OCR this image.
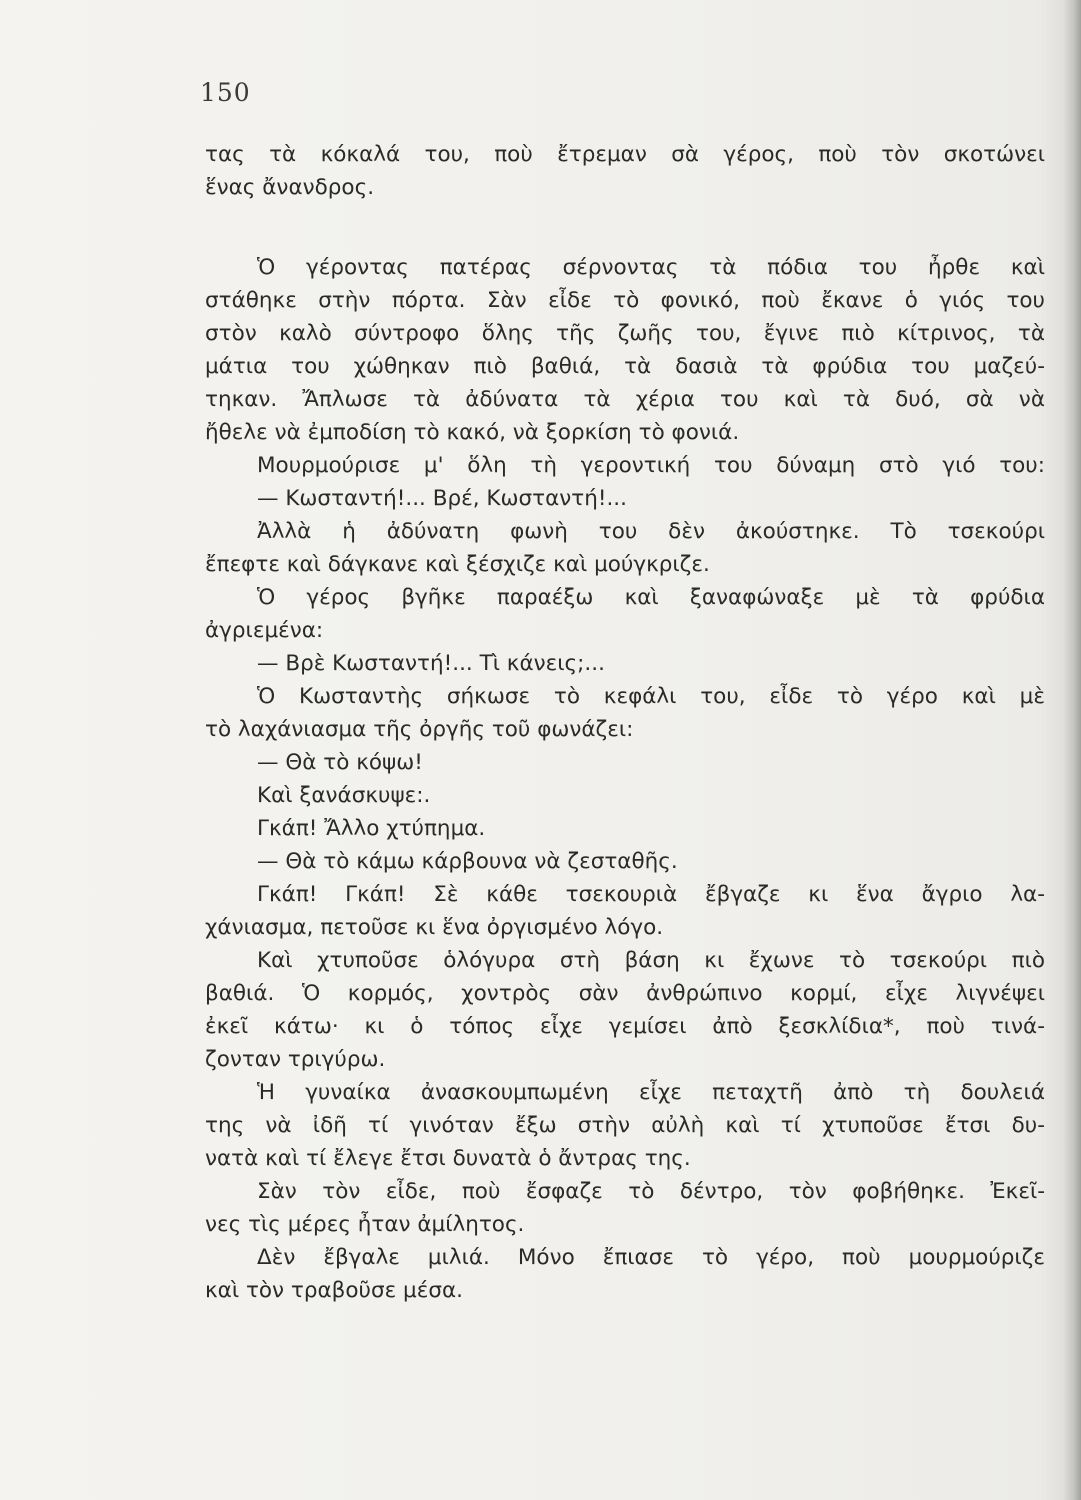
150
τας τὰ κόκαλά του, ποὺ ἔτρεμαν σὰ γέρος, ποὺ τὸν σκοτώνει
ἕνας ἄνανδρος.
Ὁ γέροντας πατέρας σέρνοντας τὰ πόδια του ἦρθε καὶ
στάθηκε στὴν πόρτα. Σὰν εἶδε τὸ φονικό, ποὺ ἔκανε ὁ γιός του
στὸν καλὸ σύντροφο ὅλης τῆς ζωῆς του, ἔγινε πιὸ κίτρινος, τὰ
μάτια του χώθηκαν πιὸ βαθιά, τὰ δασιὰ τὰ φρύδια του μαζεύ-
τηκαν. Ἄπλωσε τὰ ἀδύνατα τὰ χέρια του καὶ τὰ δυό, σὰ νὰ
ἤθελε νὰ ἐμποδίση τὸ κακό, νὰ ξορκίση τὸ φονιά.
Μουρμούρισε μ' ὅλη τὴ γεροντική του δύναμη στὸ γιό του:
— Κωσταντή!... Βρέ, Κωσταντή!...
Ἀλλὰ ἡ ἀδύνατη φωνὴ του δὲν ἀκούστηκε. Τὸ τσεκούρι
ἔπεφτε καὶ δάγκανε καὶ ξέσχιζε καὶ μούγκριζε.
Ὁ γέρος βγῆκε παραέξω καὶ ξαναφώναξε μὲ τὰ φρύδια
ἀγριεμένα:
— Βρὲ Κωσταντή!... Τὶ κάνεις;...
Ὁ Κωσταντὴς σήκωσε τὸ κεφάλι του, εἶδε τὸ γέρο καὶ μὲ
τὸ λαχάνιασμα τῆς ὀργῆς τοῦ φωνάζει:
— Θὰ τὸ κόψω!
Καὶ ξανάσκυψε:.
Γκάπ! Ἄλλο χτύπημα.
— Θὰ τὸ κάμω κάρβουνα νὰ ζεσταθῆς.
Γκάπ! Γκάπ! Σὲ κάθε τσεκουριὰ ἔβγαζε κι ἕνα ἄγριο λα-
χάνιασμα, πετοῦσε κι ἕνα ὀργισμένο λόγο.
Καὶ χτυποῦσε ὁλόγυρα στὴ βάση κι ἔχωνε τὸ τσεκούρι πιὸ
βαθιά. Ὁ κορμός, χοντρὸς σὰν ἀνθρώπινο κορμί, εἶχε λιγνέψει
ἐκεῖ κάτω· κι ὁ τόπος εἶχε γεμίσει ἀπὸ ξεσκλίδια*, ποὺ τινά-
ζονταν τριγύρω.
Ἡ γυναίκα ἀνασκουμπωμένη εἶχε πεταχτῆ ἀπὸ τὴ δουλειά
της νὰ ἰδῆ τί γινόταν ἔξω στὴν αὐλὴ καὶ τί χτυποῦσε ἔτσι δυ-
νατὰ καὶ τί ἔλεγε ἔτσι δυνατὰ ὁ ἄντρας της.
Σὰν τὸν εἶδε, ποὺ ἔσφαζε τὸ δέντρο, τὸν φοβήθηκε. Ἐκεῖ-
νες τὶς μέρες ἦταν ἀμίλητος.
Δὲν ἔβγαλε μιλιά. Μόνο ἔπιασε τὸ γέρο, ποὺ μουρμούριζε
καὶ τὸν τραβοῦσε μέσα.
